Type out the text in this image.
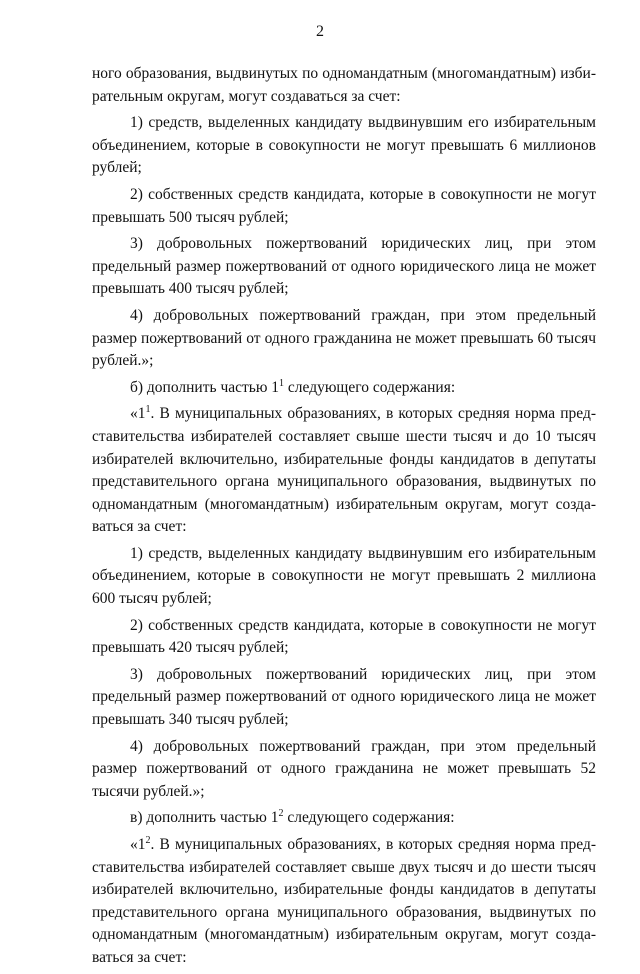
2

ного образования, выдвинутых по одномандатным (многомандатным) избирательным округам, могут создаваться за счет:

1) средств, выделенных кандидату выдвинувшим его избирательным объединением, которые в совокупности не могут превышать 6 миллионов рублей;

2) собственных средств кандидата, которые в совокупности не могут превышать 500 тысяч рублей;

3) добровольных пожертвований юридических лиц, при этом предельный размер пожертвований от одного юридического лица не может превышать 400 тысяч рублей;

4) добровольных пожертвований граждан, при этом предельный размер пожертвований от одного гражданина не может превышать 60 тысяч рублей.»;

б) дополнить частью $1^1$ следующего содержания:

«$1^1$. В муниципальных образованиях, в которых средняя норма представительства избирателей составляет свыше шести тысяч и до 10 тысяч избирателей включительно, избирательные фонды кандидатов в депутаты представительного органа муниципального образования, выдвинутых по одномандатным (многомандатным) избирательным округам, могут создаваться за счет:

1) средств, выделенных кандидату выдвинувшим его избирательным объединением, которые в совокупности не могут превышать 2 миллиона 600 тысяч рублей;

2) собственных средств кандидата, которые в совокупности не могут превышать 420 тысяч рублей;

3) добровольных пожертвований юридических лиц, при этом предельный размер пожертвований от одного юридического лица не может превышать 340 тысяч рублей;

4) добровольных пожертвований граждан, при этом предельный размер пожертвований от одного гражданина не может превышать 52 тысячи рублей.»;

в) дополнить частью $1^2$ следующего содержания:

«$1^2$. В муниципальных образованиях, в которых средняя норма представительства избирателей составляет свыше двух тысяч и до шести тысяч избирателей включительно, избирательные фонды кандидатов в депутаты представительного органа муниципального образования, выдвинутых по одномандатным (многомандатным) избирательным округам, могут создаваться за счет:
